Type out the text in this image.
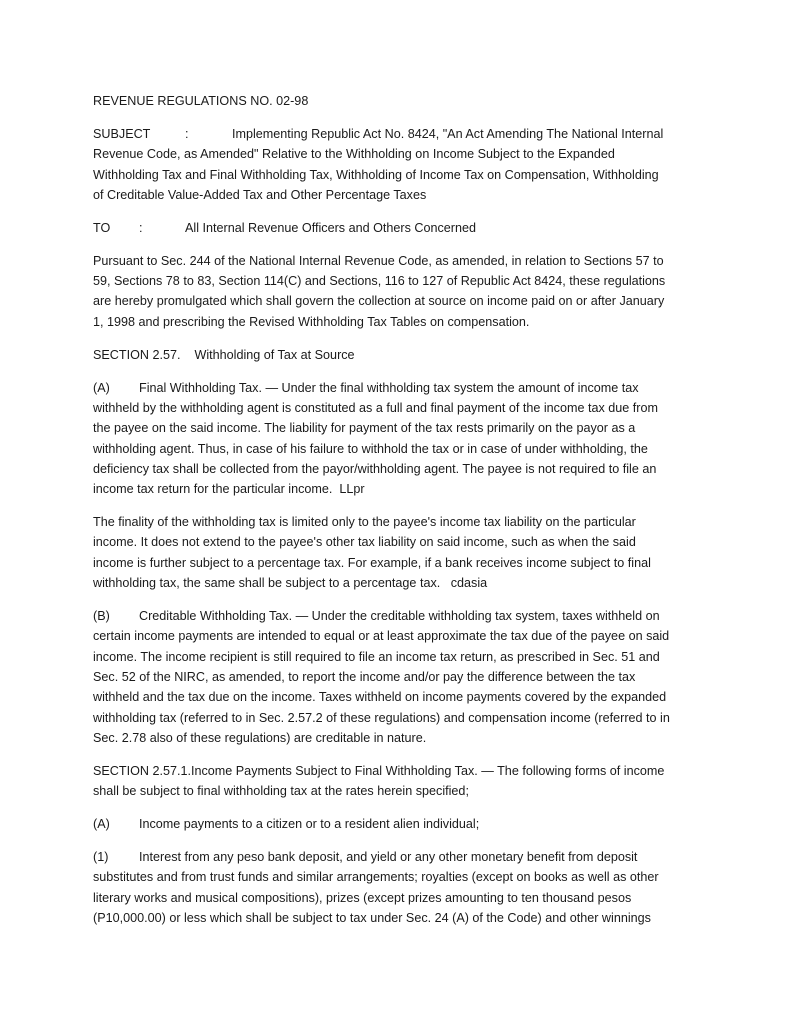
REVENUE REGULATIONS NO. 02-98

SUBJECT	:	Implementing Republic Act No. 8424, "An Act Amending The National Internal
Revenue Code, as Amended" Relative to the Withholding on Income Subject to the Expanded
Withholding Tax and Final Withholding Tax, Withholding of Income Tax on Compensation, Withholding
of Creditable Value-Added Tax and Other Percentage Taxes

TO :	All Internal Revenue Officers and Others Concerned

Pursuant to Sec. 244 of the National Internal Revenue Code, as amended, in relation to Sections 57 to
59, Sections 78 to 83, Section 114(C) and Sections, 116 to 127 of Republic Act 8424, these regulations
are hereby promulgated which shall govern the collection at source on income paid on or after January
1, 1998 and prescribing the Revised Withholding Tax Tables on compensation.

SECTION 2.57.    Withholding of Tax at Source

(A) Final Withholding Tax. — Under the final withholding tax system the amount of income tax
withheld by the withholding agent is constituted as a full and final payment of the income tax due from
the payee on the said income. The liability for payment of the tax rests primarily on the payor as a
withholding agent. Thus, in case of his failure to withhold the tax or in case of under withholding, the
deficiency tax shall be collected from the payor/withholding agent. The payee is not required to file an
income tax return for the particular income.  LLpr

The finality of the withholding tax is limited only to the payee's income tax liability on the particular
income. It does not extend to the payee's other tax liability on said income, such as when the said
income is further subject to a percentage tax. For example, if a bank receives income subject to final
withholding tax, the same shall be subject to a percentage tax.   cdasia

(B) Creditable Withholding Tax. — Under the creditable withholding tax system, taxes withheld on
certain income payments are intended to equal or at least approximate the tax due of the payee on said
income. The income recipient is still required to file an income tax return, as prescribed in Sec. 51 and
Sec. 52 of the NIRC, as amended, to report the income and/or pay the difference between the tax
withheld and the tax due on the income. Taxes withheld on income payments covered by the expanded
withholding tax (referred to in Sec. 2.57.2 of these regulations) and compensation income (referred to in
Sec. 2.78 also of these regulations) are creditable in nature.

SECTION 2.57.1.Income Payments Subject to Final Withholding Tax. — The following forms of income
shall be subject to final withholding tax at the rates herein specified;

(A) Income payments to a citizen or to a resident alien individual;

(1) Interest from any peso bank deposit, and yield or any other monetary benefit from deposit
substitutes and from trust funds and similar arrangements; royalties (except on books as well as other
literary works and musical compositions), prizes (except prizes amounting to ten thousand pesos
(P10,000.00) or less which shall be subject to tax under Sec. 24 (A) of the Code) and other winnings
